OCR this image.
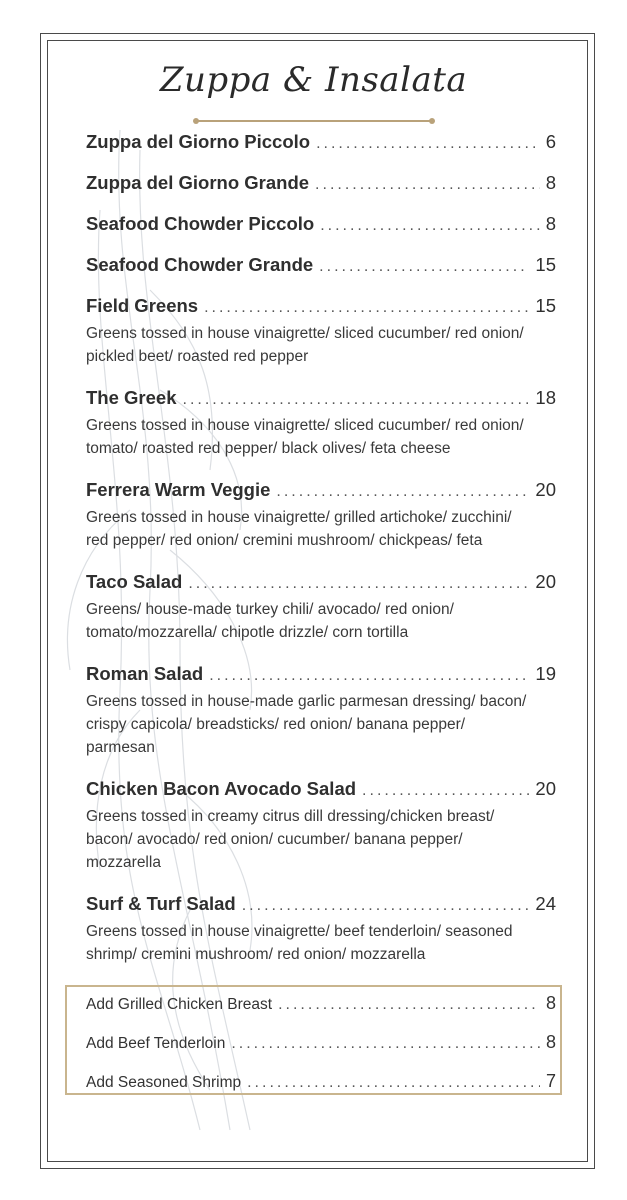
Zuppa & Insalata
Zuppa del Giorno Piccolo .....	6
Zuppa del Giorno Grande .....	8
Seafood Chowder Piccolo .....	8
Seafood Chowder Grande .....	15
Field Greens .....	15
Greens tossed in house vinaigrette/ sliced cucumber/ red onion/ pickled beet/ roasted red pepper
The Greek .....	18
Greens tossed in house vinaigrette/ sliced cucumber/ red onion/ tomato/ roasted red pepper/ black olives/ feta cheese
Ferrera Warm Veggie .....	20
Greens tossed in house vinaigrette/ grilled artichoke/ zucchini/ red pepper/ red onion/ cremini mushroom/ chickpeas/ feta
Taco Salad .....	20
Greens/ house-made turkey chili/ avocado/ red onion/ tomato/mozzarella/ chipotle drizzle/ corn tortilla
Roman Salad .....	19
Greens tossed in house-made garlic parmesan dressing/ bacon/ crispy capicola/ breadsticks/ red onion/ banana pepper/ parmesan
Chicken Bacon Avocado Salad .....	20
Greens tossed in creamy citrus dill dressing/chicken breast/ bacon/ avocado/ red onion/ cucumber/ banana pepper/ mozzarella
Surf & Turf Salad .....	24
Greens tossed in house vinaigrette/ beef tenderloin/ seasoned shrimp/ cremini mushroom/ red onion/ mozzarella
Add Grilled Chicken Breast .....	8
Add Beef Tenderloin .....	8
Add Seasoned Shrimp .....	7
